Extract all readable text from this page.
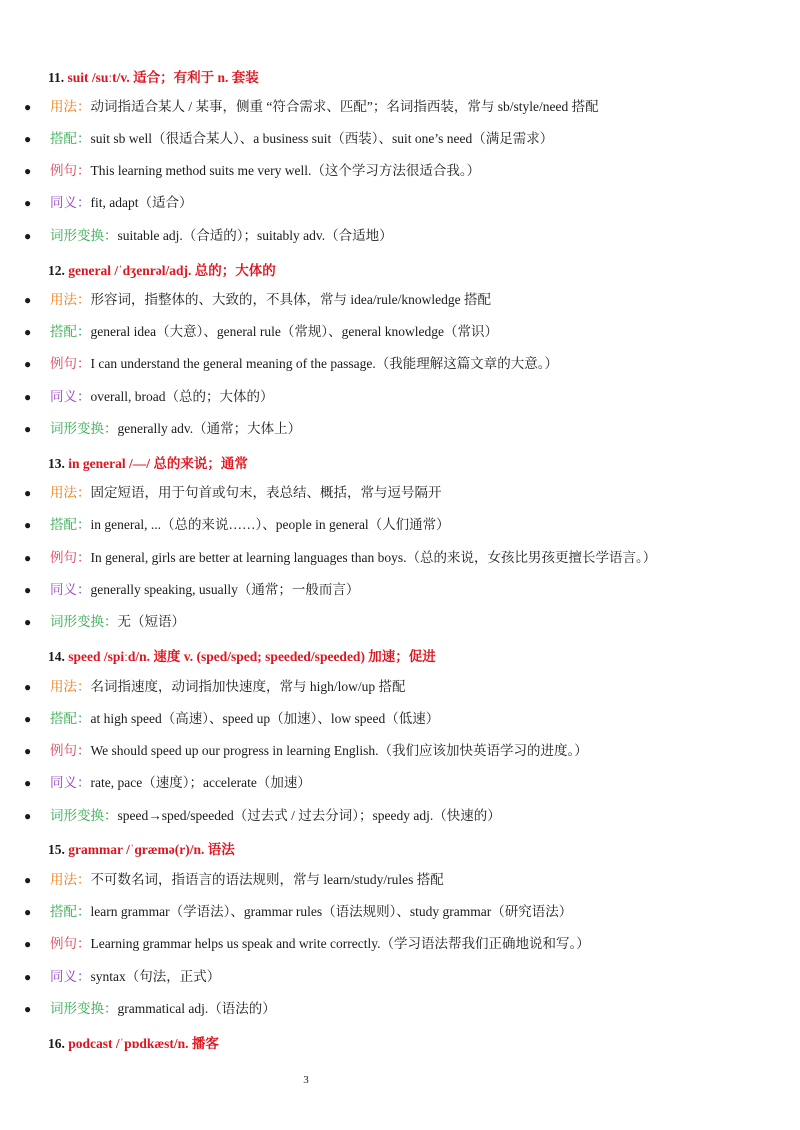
11. suit /suːt/v. 适合；有利于 n. 套装
● 用法：动词指适合某人 / 某事，侧重 “符合需求、匹配”；名词指西装，常与 sb/style/need 搭配
● 搭配：suit sb well（很适合某人）、a business suit（西装）、suit one’s need（满足需求）
● 例句：This learning method suits me very well.（这个学习方法很适合我。）
● 同义：fit, adapt（适合）
● 词形变换：suitable adj.（合适的）；suitably adv.（合适地）
12. general /ˈdʒenrəl/adj. 总的；大体的
● 用法：形容词，指整体的、大致的，不具体，常与 idea/rule/knowledge 搭配
● 搭配：general idea（大意）、general rule（常规）、general knowledge（常识）
● 例句：I can understand the general meaning of the passage.（我能理解这篇文章的大意。）
● 同义：overall, broad（总的；大体的）
● 词形变换：generally adv.（通常；大体上）
13. in general /—/ 总的来说；通常
● 用法：固定短语，用于句首或句末，表总结、概括，常与逗号隔开
● 搭配：in general, ...（总的来说……）、people in general（人们通常）
● 例句：In general, girls are better at learning languages than boys.（总的来说，女孩比男孩更擅长学语言。）
● 同义：generally speaking, usually（通常；一般而言）
● 词形变换：无（短语）
14. speed /spiːd/n. 速度 v. (sped/sped; speeded/speeded) 加速；促进
● 用法：名词指速度，动词指加快速度，常与 high/low/up 搭配
● 搭配：at high speed（高速）、speed up（加速）、low speed（低速）
● 例句：We should speed up our progress in learning English.（我们应该加快英语学习的进度。）
● 同义：rate, pace（速度）；accelerate（加速）
● 词形变换：speed→sped/speeded（过去式 / 过去分词）；speedy adj.（快速的）
15. grammar /ˈɡræmə(r)/n. 语法
● 用法：不可数名词，指语言的语法规则，常与 learn/study/rules 搭配
● 搭配：learn grammar（学语法）、grammar rules（语法规则）、study grammar（研究语法）
● 例句：Learning grammar helps us speak and write correctly.（学习语法帮我们正确地说和写。）
● 同义：syntax（句法，正式）
● 词形变换：grammatical adj.（语法的）
16. podcast /ˈpɒdkæst/n. 播客
3
